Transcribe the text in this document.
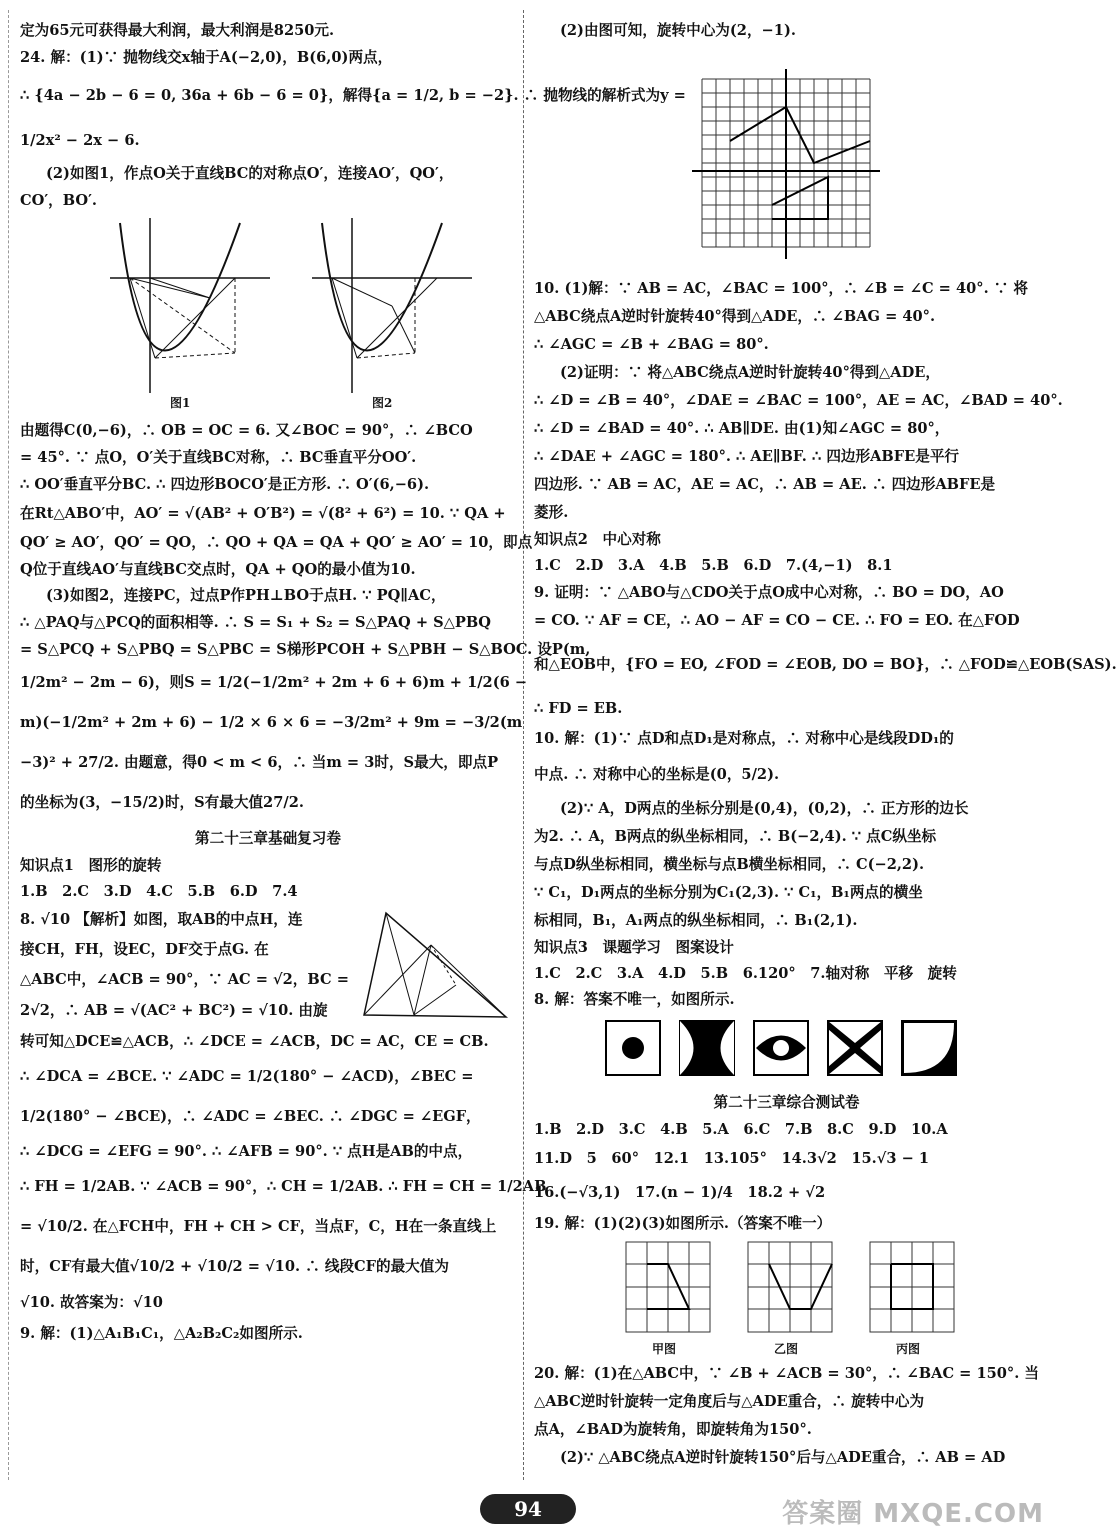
定为65元可获得最大利润，最大利润是8250元.

24. 解：(1)∵ 抛物线交x轴于A(−2,0)，B(6,0)两点，

∴ {4a − 2b − 6 = 0, 36a + 6b − 6 = 0}，解得{a = 1/2, b = −2}. ∴ 抛物线的解析式为y =

1/2x² − 2x − 6.

(2)如图1，作点O关于直线BC的对称点O′，连接AO′，QO′，

CO′，BO′.

图1	图2

由题得C(0,−6)，∴ OB = OC = 6. 又∠BOC = 90°，∴ ∠BCO

= 45°. ∵ 点O，O′关于直线BC对称，∴ BC垂直平分OO′.

∴ OO′垂直平分BC. ∴ 四边形BOCO′是正方形. ∴ O′(6,−6).

在Rt△ABO′中，AO′ = √(AB² + O′B²) = √(8² + 6²) = 10. ∵ QA +

QO′ ≥ AO′，QO′ = QO，∴ QO + QA = QA + QO′ ≥ AO′ = 10，即点

Q位于直线AO′与直线BC交点时，QA + QO的最小值为10.

(3)如图2，连接PC，过点P作PH⊥BO于点H. ∵ PQ∥AC，

∴ △PAQ与△PCQ的面积相等. ∴ S = S₁ + S₂ = S△PAQ + S△PBQ

= S△PCQ + S△PBQ = S△PBC = S梯形PCOH + S△PBH − S△BOC. 设P(m,

1/2m² − 2m − 6)，则S = 1/2(−1/2m² + 2m + 6 + 6)m + 1/2(6 −

m)(−1/2m² + 2m + 6) − 1/2 × 6 × 6 = −3/2m² + 9m = −3/2(m

−3)² + 27/2. 由题意，得0 < m < 6，∴ 当m = 3时，S最大，即点P

的坐标为(3，−15/2)时，S有最大值27/2.

第二十三章基础复习卷
知识点1　图形的旋转
1.B　2.C　3.D　4.C　5.B　6.D　7.4

8. √10 【解析】如图，取AB的中点H，连

接CH，FH，设EC，DF交于点G. 在

△ABC中，∠ACB = 90°，∵ AC = √2，BC =

2√2，∴ AB = √(AC² + BC²) = √10. 由旋

转可知△DCE≌△ACB，∴ ∠DCE = ∠ACB，DC = AC，CE = CB.

∴ ∠DCA = ∠BCE. ∵ ∠ADC = 1/2(180° − ∠ACD)，∠BEC =

1/2(180° − ∠BCE)，∴ ∠ADC = ∠BEC. ∴ ∠DGC = ∠EGF，

∴ ∠DCG = ∠EFG = 90°. ∴ ∠AFB = 90°. ∵ 点H是AB的中点，

∴ FH = 1/2AB. ∵ ∠ACB = 90°，∴ CH = 1/2AB. ∴ FH = CH = 1/2AB

= √10/2. 在△FCH中，FH + CH > CF，当点F，C，H在一条直线上

时，CF有最大值√10/2 + √10/2 = √10. ∴ 线段CF的最大值为

√10. 故答案为：√10

9. 解：(1)△A₁B₁C₁，△A₂B₂C₂如图所示.

(2)由图可知，旋转中心为(2，−1).

10. (1)解：∵ AB = AC，∠BAC = 100°，∴ ∠B = ∠C = 40°. ∵ 将

△ABC绕点A逆时针旋转40°得到△ADE，∴ ∠BAG = 40°.

∴ ∠AGC = ∠B + ∠BAG = 80°.

(2)证明：∵ 将△ABC绕点A逆时针旋转40°得到△ADE，

∴ ∠D = ∠B = 40°，∠DAE = ∠BAC = 100°，AE = AC，∠BAD = 40°.

∴ ∠D = ∠BAD = 40°. ∴ AB∥DE. 由(1)知∠AGC = 80°，

∴ ∠DAE + ∠AGC = 180°. ∴ AE∥BF. ∴ 四边形ABFE是平行

四边形. ∵ AB = AC，AE = AC，∴ AB = AE. ∴ 四边形ABFE是

菱形.

知识点2　中心对称
1.C　2.D　3.A　4.B　5.B　6.D　7.(4,−1)　8.1

9. 证明：∵ △ABO与△CDO关于点O成中心对称，∴ BO = DO，AO

= CO. ∵ AF = CE，∴ AO − AF = CO − CE. ∴ FO = EO. 在△FOD

和△EOB中，{FO = EO, ∠FOD = ∠EOB, DO = BO}，∴ △FOD≌△EOB(SAS).

∴ FD = EB.

10. 解：(1)∵ 点D和点D₁是对称点，∴ 对称中心是线段DD₁的

中点. ∴ 对称中心的坐标是(0，5/2).

(2)∵ A，D两点的坐标分别是(0,4)，(0,2)，∴ 正方形的边长

为2. ∴ A，B两点的纵坐标相同，∴ B(−2,4). ∵ 点C纵坐标

与点D纵坐标相同，横坐标与点B横坐标相同，∴ C(−2,2).

∵ C₁，D₁两点的坐标分别为C₁(2,3). ∵ C₁，B₁两点的横坐

标相同，B₁，A₁两点的纵坐标相同，∴ B₁(2,1).

知识点3　课题学习　图案设计
1.C　2.C　3.A　4.D　5.B　6.120°　7.轴对称　平移　旋转
8. 解：答案不唯一，如图所示.
第二十三章综合测试卷

1.B　2.D　3.C　4.B　5.A　6.C　7.B　8.C　9.D　10.A

11.D　5　60°　12.1　13.105°　14.3√2　15.√3 − 1

16.(−√3,1)　17.(n − 1)/4　18.2 + √2

19. 解：(1)(2)(3)如图所示.（答案不唯一）

甲图	乙图	丙图

20. 解：(1)在△ABC中，∵ ∠B + ∠ACB = 30°，∴ ∠BAC = 150°. 当

△ABC逆时针旋转一定角度后与△ADE重合，∴ 旋转中心为

点A，∠BAD为旋转角，即旋转角为150°.

(2)∵ △ABC绕点A逆时针旋转150°后与△ADE重合，∴ AB = AD

94	答案圈 MXQE.COM
